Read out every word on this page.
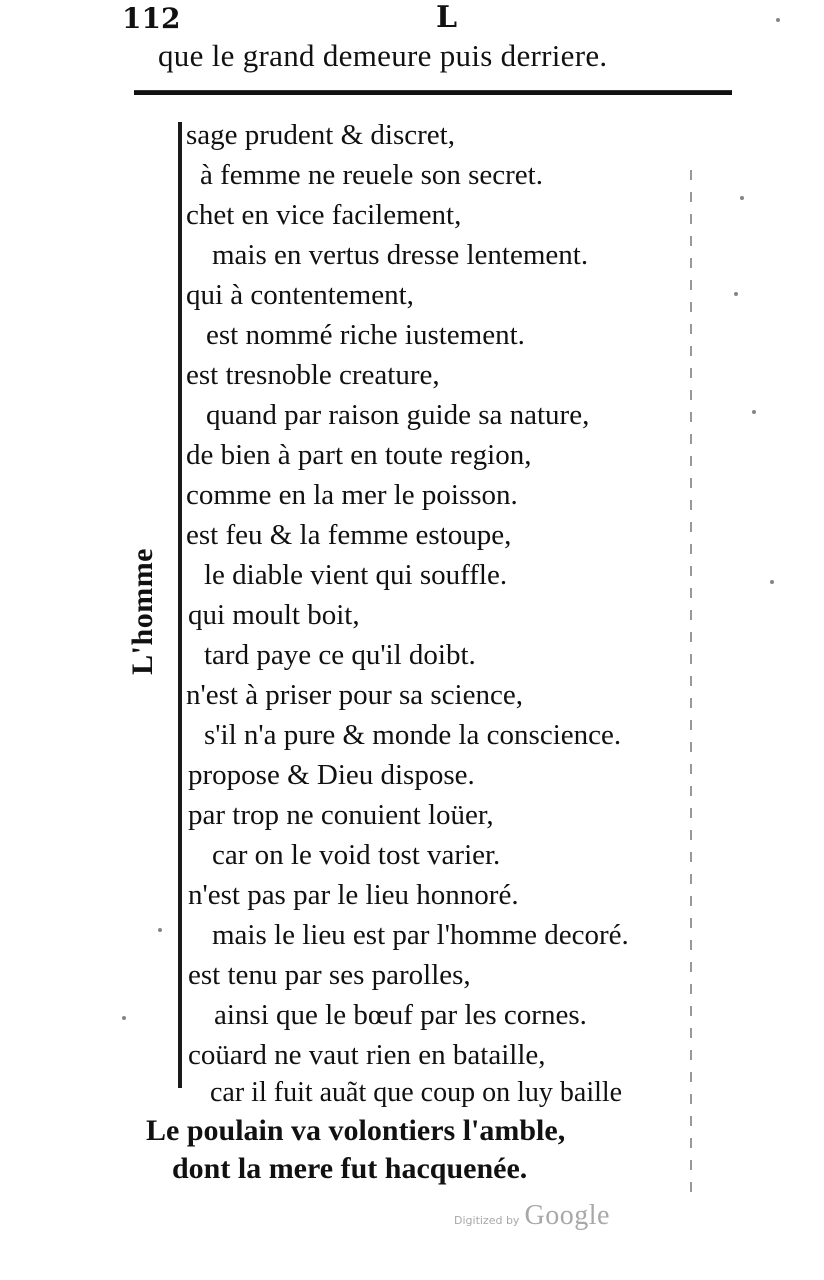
112	L
que le grand demeure puis derriere.
L'homme
sage prudent & discret,
à femme ne reuele son secret.
chet en vice facilement,
mais en vertus dresse lentement.
qui à contentement,
est nommé riche iustement.
est tresnoble creature,
quand par raison guide sa nature,
de bien à part en toute region,
comme en la mer le poisson.
est feu & la femme estoupe,
le diable vient qui souffle.
qui moult boit,
tard paye ce qu'il doibt.
n'est à priser pour sa science,
s'il n'a pure & monde la conscience.
propose & Dieu dispose.
par trop ne conuient loüer,
car on le void tost varier.
n'est pas par le lieu honnoré.
mais le lieu est par l'homme decoré.
est tenu par ses parolles,
ainsi que le bœuf par les cornes.
coüard ne vaut rien en bataille,
car il fuit auãt que coup on luy baille
Le poulain va volontiers l'amble,
dont la mere fut hacquenée.
Digitized by Google
